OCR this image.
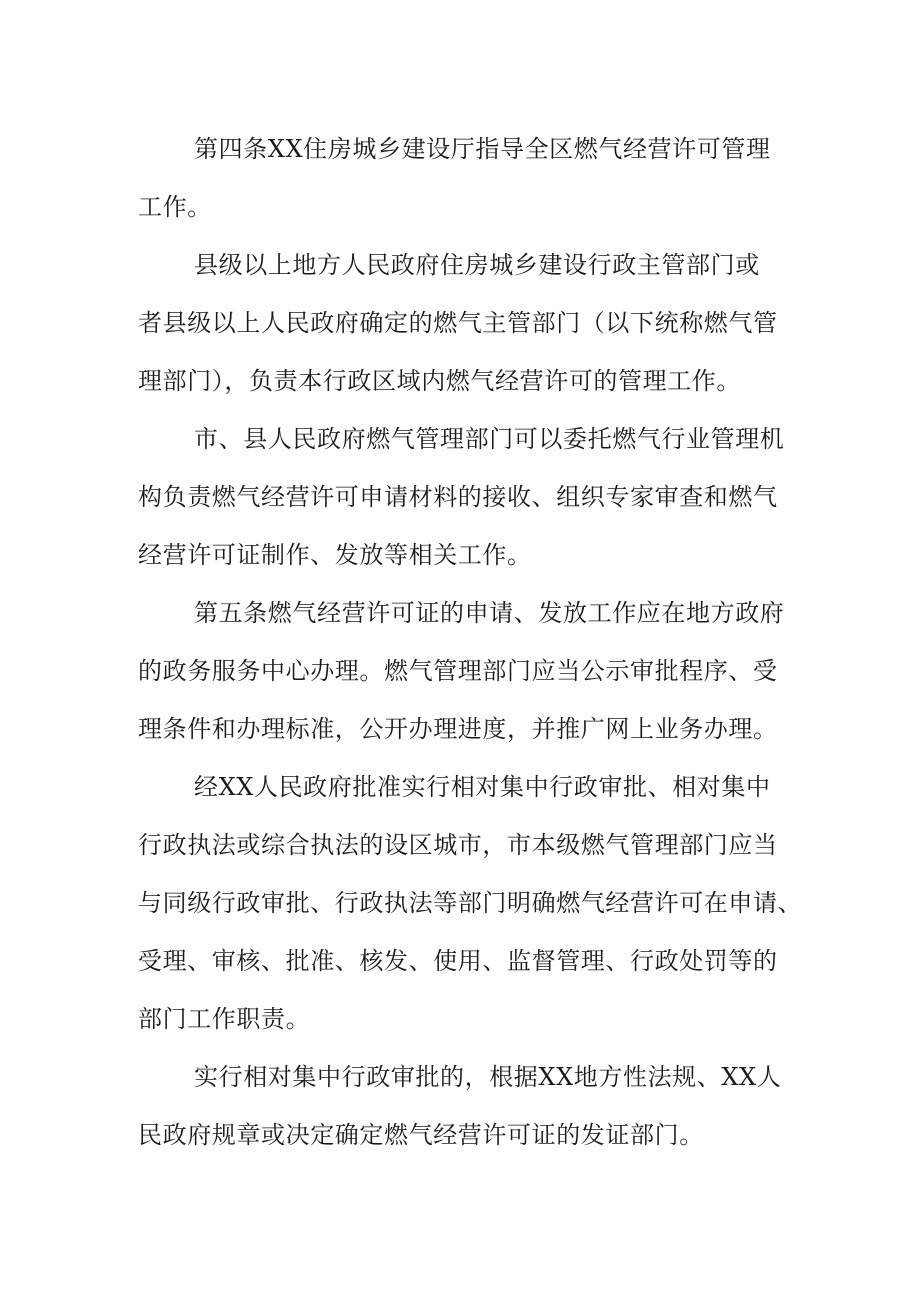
第四条XX住房城乡建设厅指导全区燃气经营许可管理
工作。
县级以上地方人民政府住房城乡建设行政主管部门或
者县级以上人民政府确定的燃气主管部门（以下统称燃气管
理部门），负责本行政区域内燃气经营许可的管理工作。
市、县人民政府燃气管理部门可以委托燃气行业管理机
构负责燃气经营许可申请材料的接收、组织专家审查和燃气
经营许可证制作、发放等相关工作。
第五条燃气经营许可证的申请、发放工作应在地方政府
的政务服务中心办理。燃气管理部门应当公示审批程序、受
理条件和办理标准，公开办理进度，并推广网上业务办理。
经XX人民政府批准实行相对集中行政审批、相对集中
行政执法或综合执法的设区城市，市本级燃气管理部门应当
与同级行政审批、行政执法等部门明确燃气经营许可在申请、
受理、审核、批准、核发、使用、监督管理、行政处罚等的
部门工作职责。
实行相对集中行政审批的，根据XX地方性法规、XX人
民政府规章或决定确定燃气经营许可证的发证部门。
